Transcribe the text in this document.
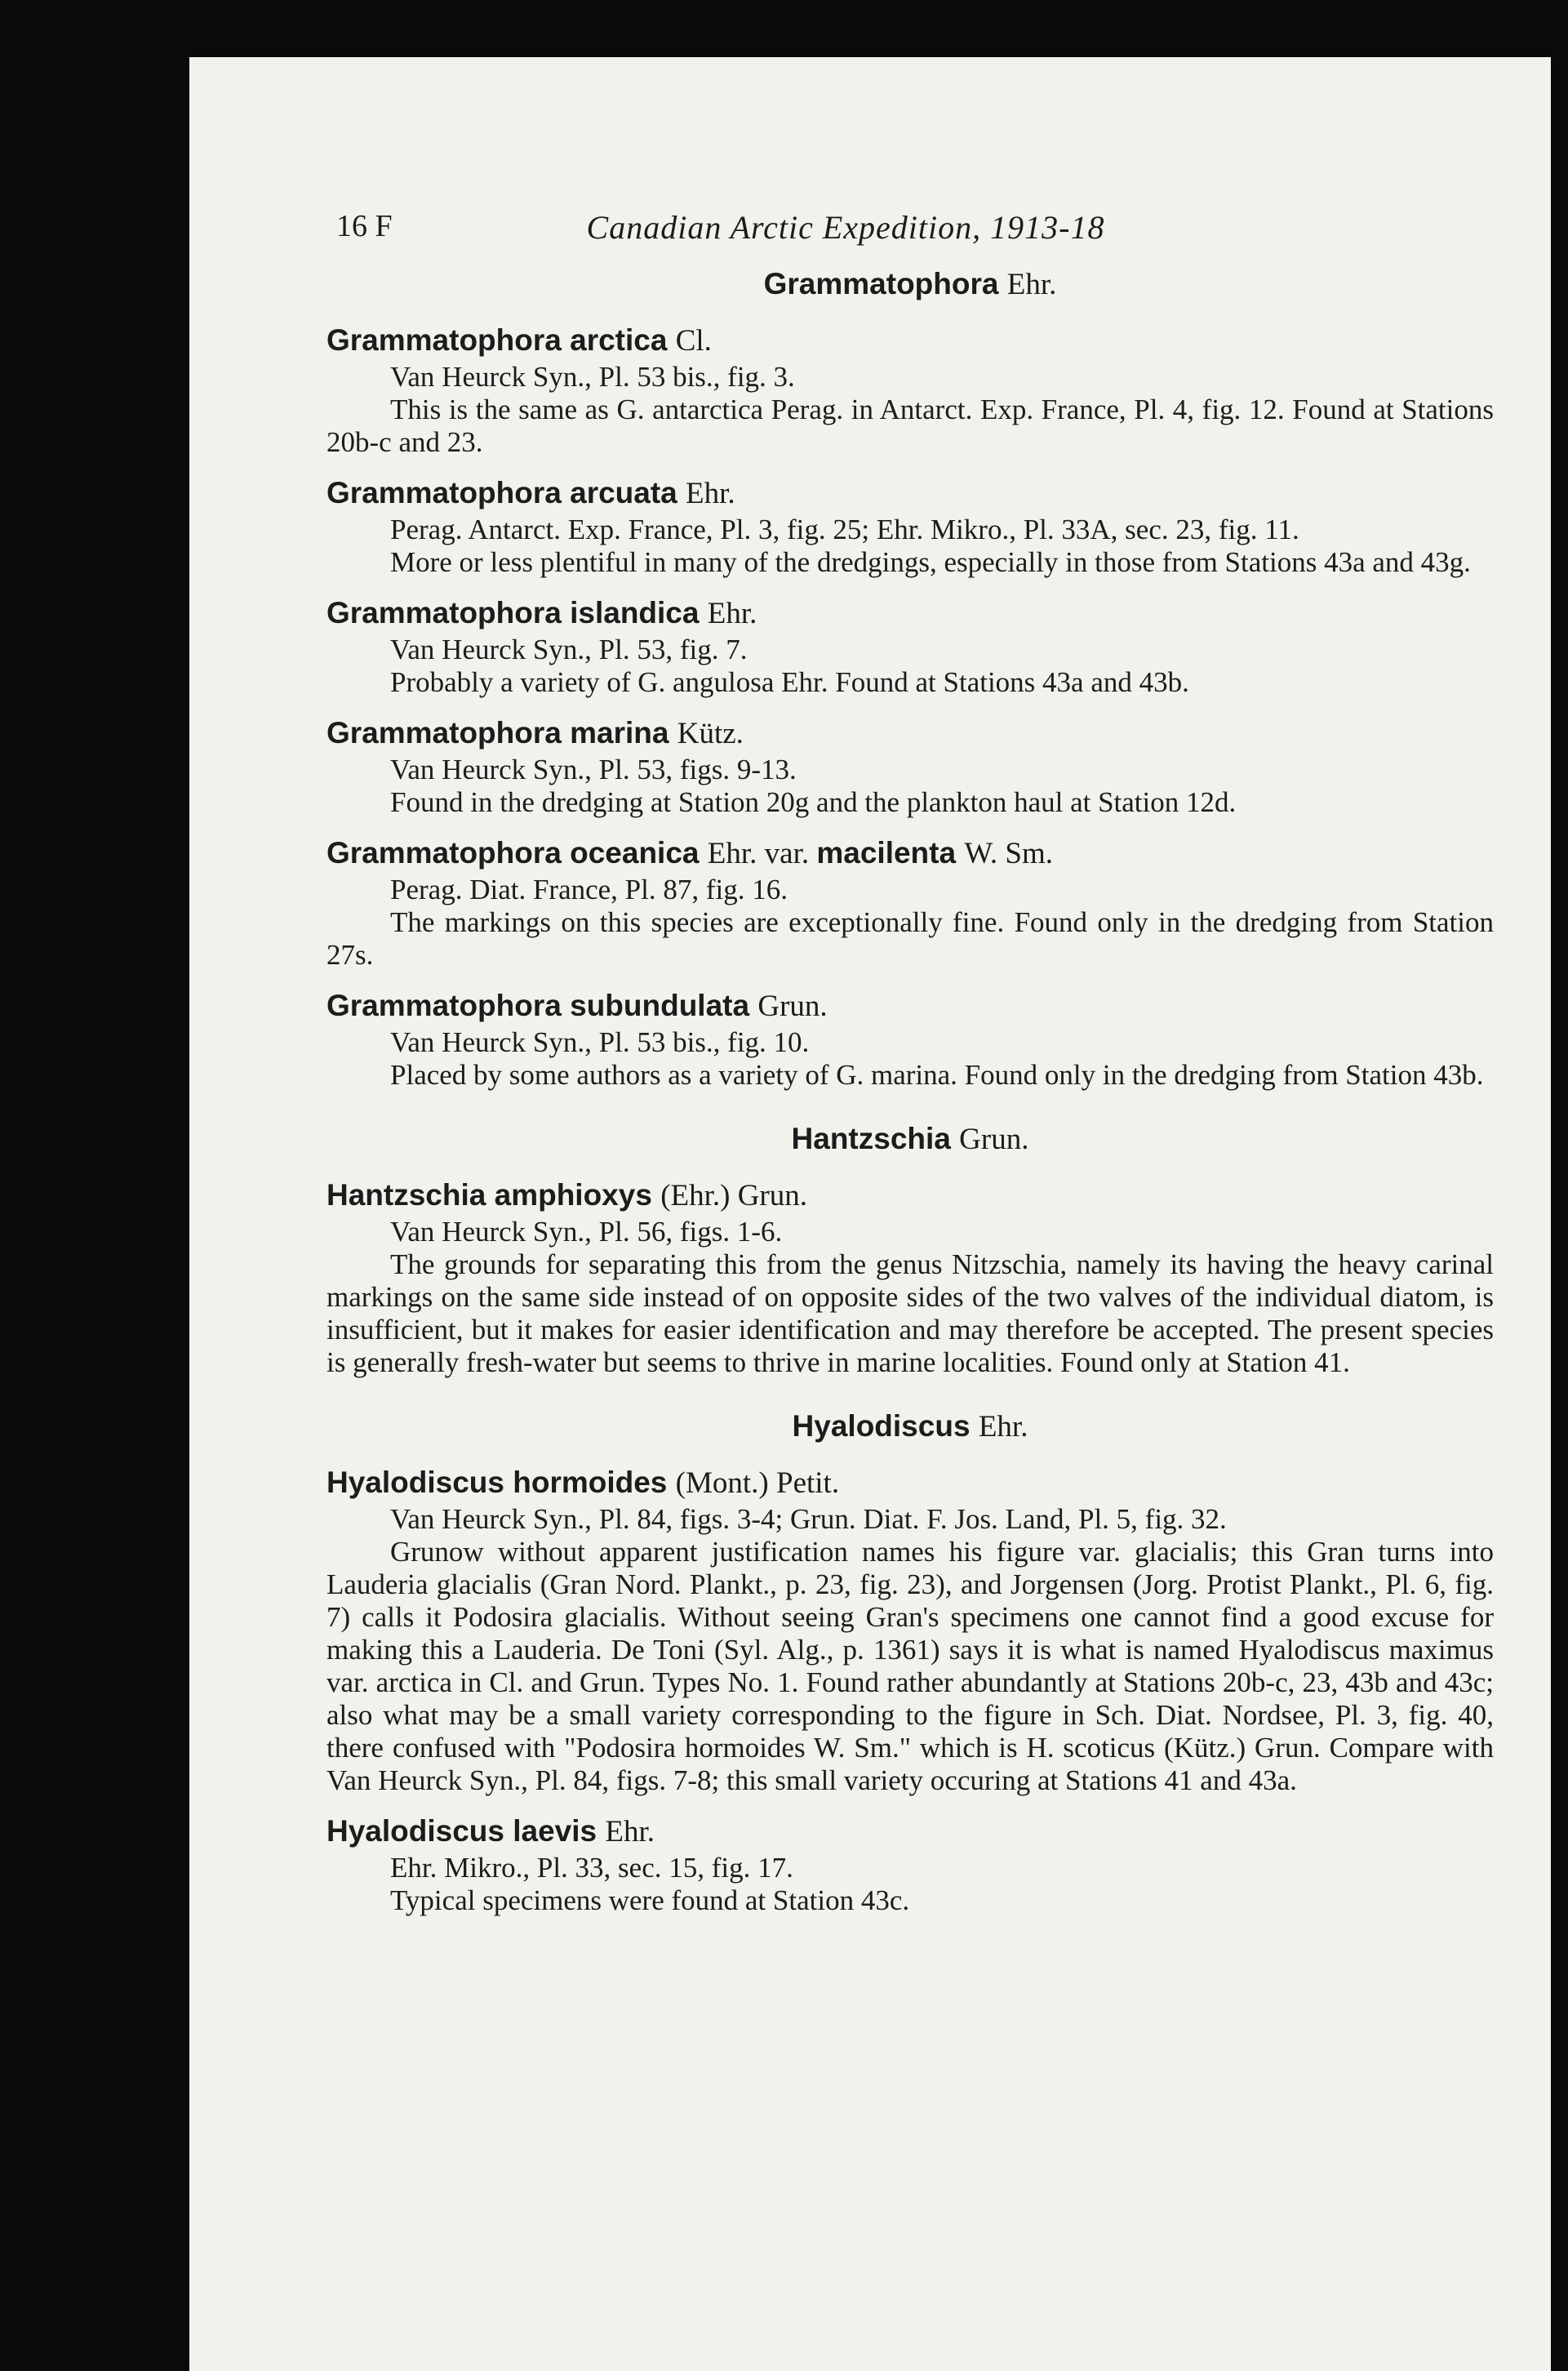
16 F	Canadian Arctic Expedition, 1913-18
Grammatophora Ehr.
Grammatophora arctica Cl.
Van Heurck Syn., Pl. 53 bis., fig. 3.
This is the same as G. antarctica Perag. in Antarct. Exp. France, Pl. 4, fig. 12. Found at Stations 20b-c and 23.
Grammatophora arcuata Ehr.
Perag. Antarct. Exp. France, Pl. 3, fig. 25; Ehr. Mikro., Pl. 33A, sec. 23, fig. 11.
More or less plentiful in many of the dredgings, especially in those from Stations 43a and 43g.
Grammatophora islandica Ehr.
Van Heurck Syn., Pl. 53, fig. 7.
Probably a variety of G. angulosa Ehr. Found at Stations 43a and 43b.
Grammatophora marina Kütz.
Van Heurck Syn., Pl. 53, figs. 9-13.
Found in the dredging at Station 20g and the plankton haul at Station 12d.
Grammatophora oceanica Ehr. var. macilenta W. Sm.
Perag. Diat. France, Pl. 87, fig. 16.
The markings on this species are exceptionally fine. Found only in the dredging from Station 27s.
Grammatophora subundulata Grun.
Van Heurck Syn., Pl. 53 bis., fig. 10.
Placed by some authors as a variety of G. marina. Found only in the dredging from Station 43b.
Hantzschia Grun.
Hantzschia amphioxys (Ehr.) Grun.
Van Heurck Syn., Pl. 56, figs. 1-6.
The grounds for separating this from the genus Nitzschia, namely its having the heavy carinal markings on the same side instead of on opposite sides of the two valves of the individual diatom, is insufficient, but it makes for easier identification and may therefore be accepted. The present species is generally fresh-water but seems to thrive in marine localities. Found only at Station 41.
Hyalodiscus Ehr.
Hyalodiscus hormoides (Mont.) Petit.
Van Heurck Syn., Pl. 84, figs. 3-4; Grun. Diat. F. Jos. Land, Pl. 5, fig. 32.
Grunow without apparent justification names his figure var. glacialis; this Gran turns into Lauderia glacialis (Gran Nord. Plankt., p. 23, fig. 23), and Jorgensen (Jorg. Protist Plankt., Pl. 6, fig. 7) calls it Podosira glacialis. Without seeing Gran's specimens one cannot find a good excuse for making this a Lauderia. De Toni (Syl. Alg., p. 1361) says it is what is named Hyalodiscus maximus var. arctica in Cl. and Grun. Types No. 1. Found rather abundantly at Stations 20b-c, 23, 43b and 43c; also what may be a small variety corresponding to the figure in Sch. Diat. Nordsee, Pl. 3, fig. 40, there confused with "Podosira hormoides W. Sm." which is H. scoticus (Kütz.) Grun. Compare with Van Heurck Syn., Pl. 84, figs. 7-8; this small variety occuring at Stations 41 and 43a.
Hyalodiscus laevis Ehr.
Ehr. Mikro., Pl. 33, sec. 15, fig. 17.
Typical specimens were found at Station 43c.
